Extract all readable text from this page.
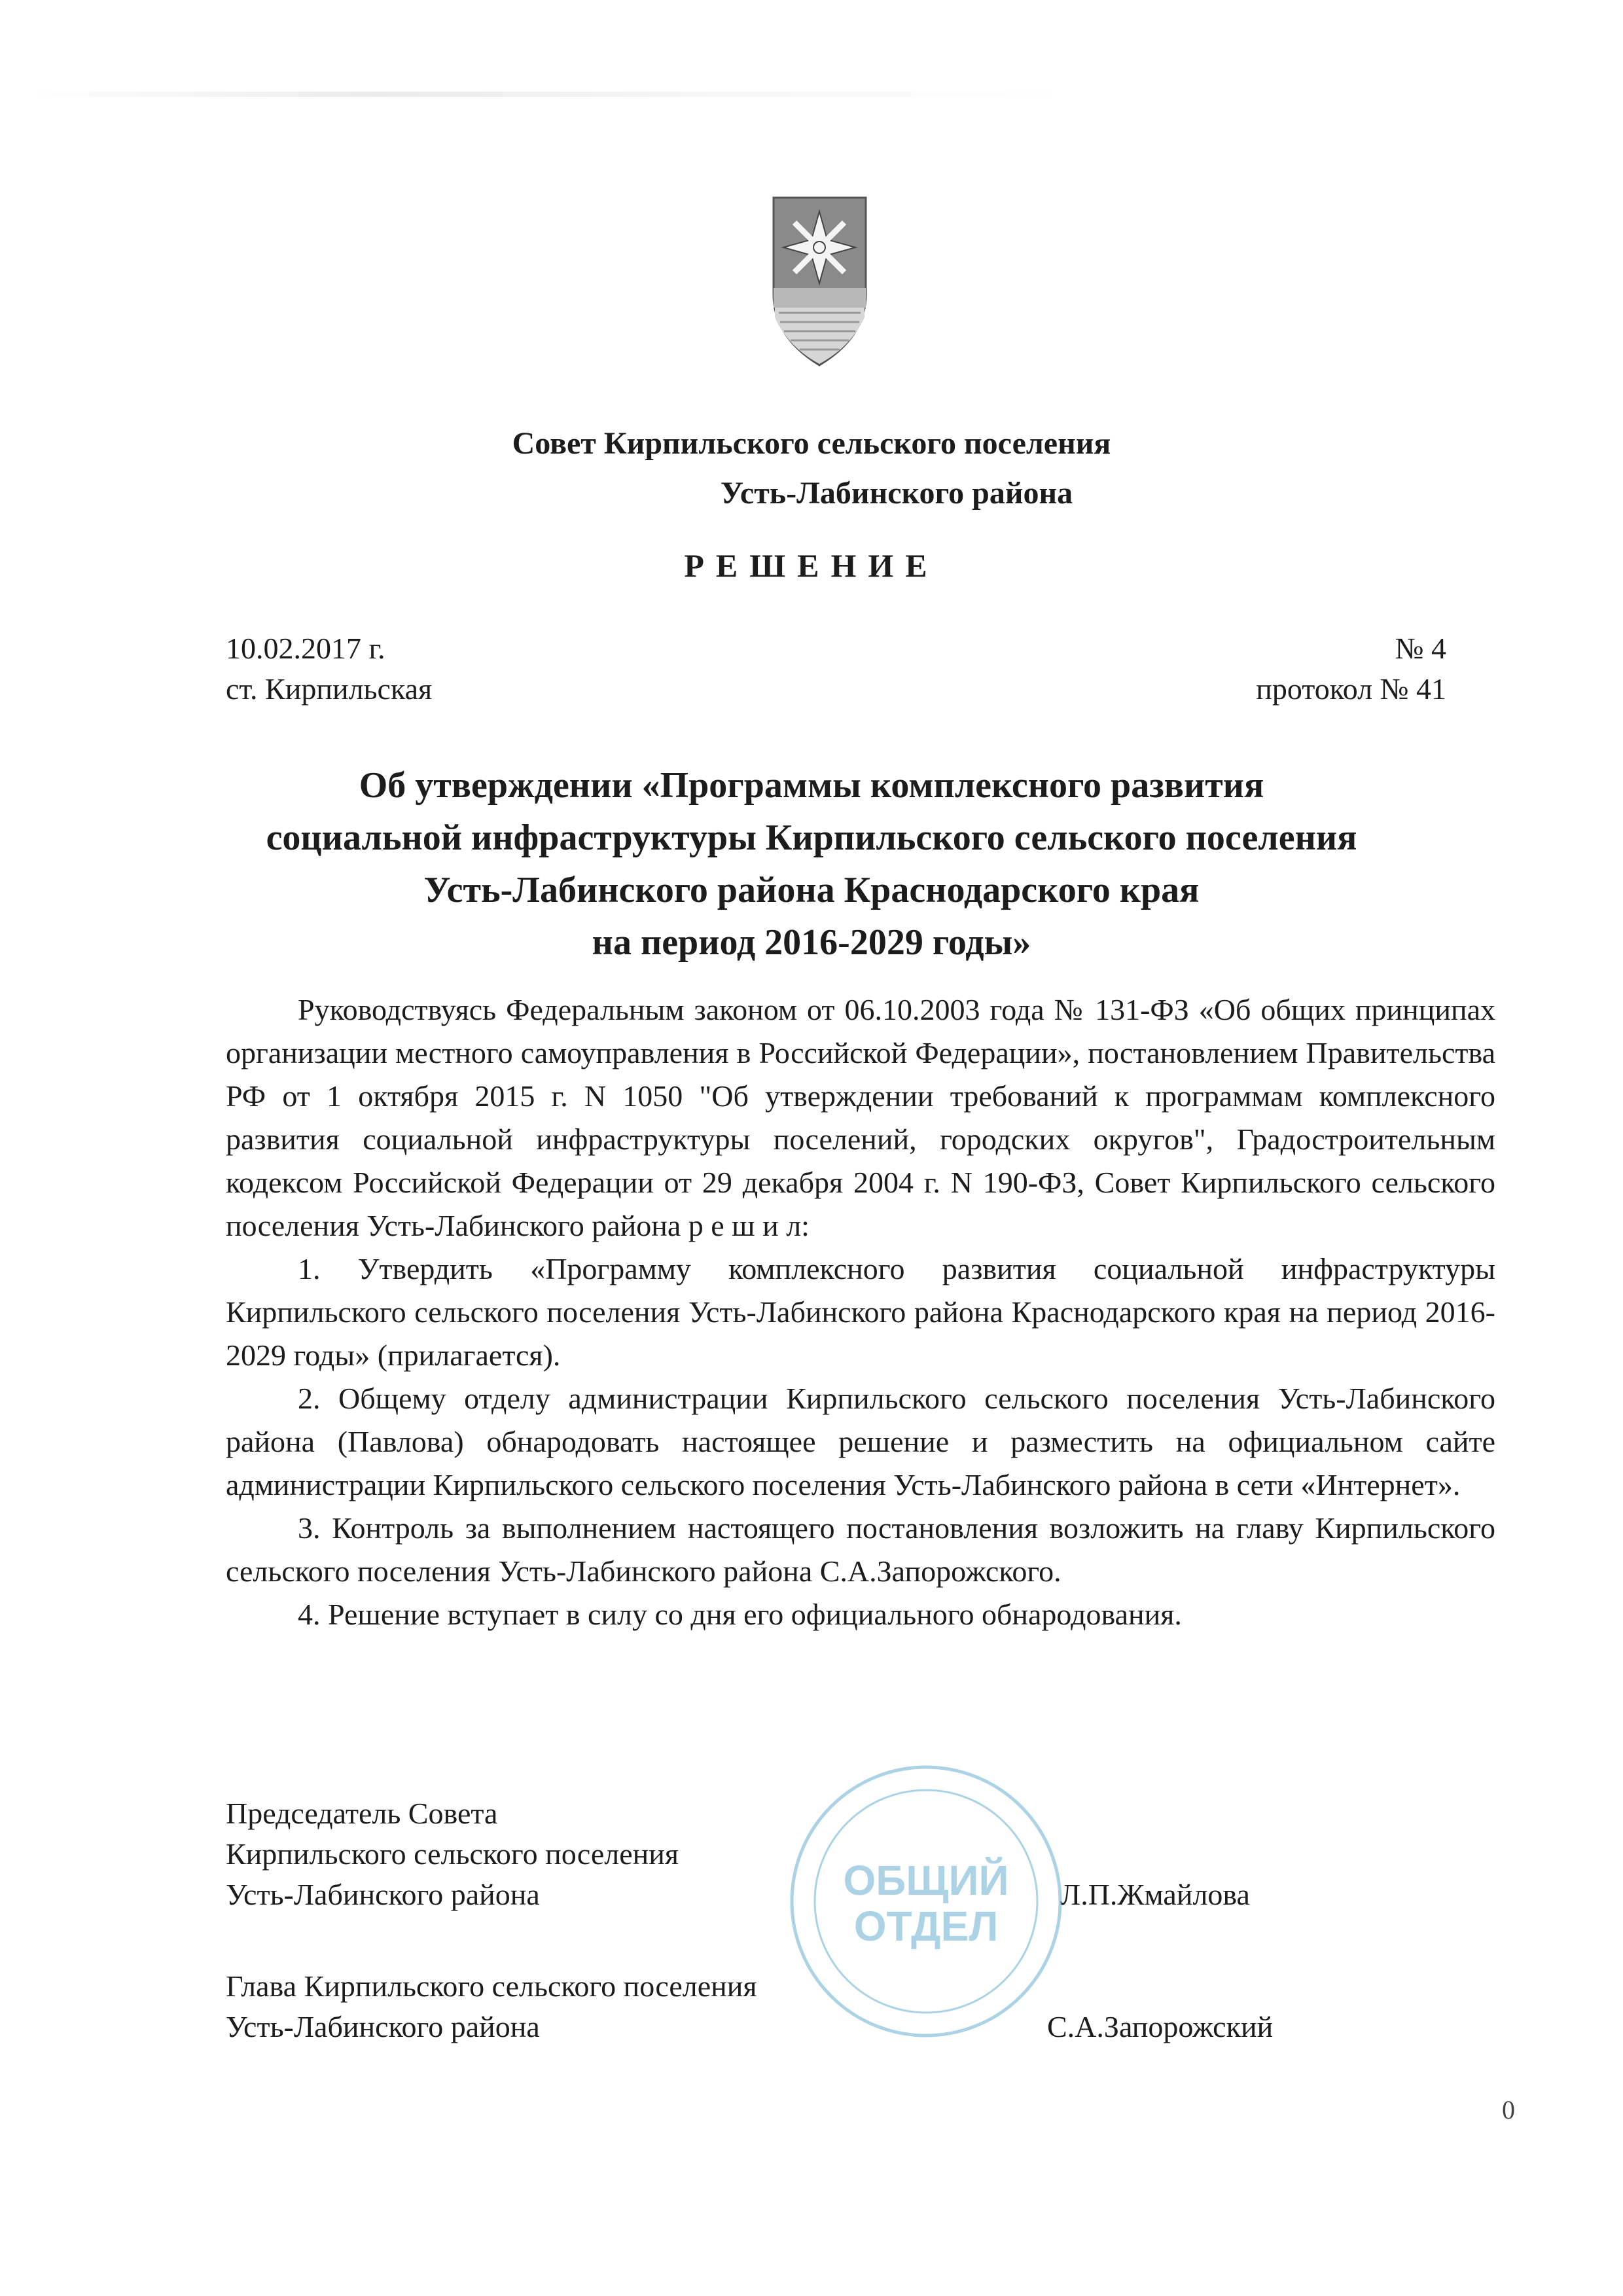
Совет Кирпильского сельского поселения

Усть-Лабинского района
РЕШЕНИЕ
10.02.2017 г.
ст. Кирпильская
№ 4
протокол № 41
Об утверждении «Программы комплексного развития
социальной инфраструктуры Кирпильского сельского поселения
Усть-Лабинского района Краснодарского края
на период 2016-2029 годы»

Руководствуясь Федеральным законом от 06.10.2003 года № 131-ФЗ «Об общих принципах организации местного самоуправления в Российской Федерации», постановлением Правительства РФ от 1 октября 2015 г. N 1050 "Об утверждении требований к программам комплексного развития социальной инфраструктуры поселений, городских округов", Градостроительным кодексом Российской Федерации от 29 декабря 2004 г. N 190-ФЗ, Совет Кирпильского сельского поселения Усть-Лабинского района р е ш и л:

1. Утвердить «Программу комплексного развития социальной инфраструктуры Кирпильского сельского поселения Усть-Лабинского района Краснодарского края на период 2016-2029 годы» (прилагается).

2. Общему отделу администрации Кирпильского сельского поселения Усть-Лабинского района (Павлова) обнародовать настоящее решение и разместить на официальном сайте администрации Кирпильского сельского поселения Усть-Лабинского района в сети «Интернет».

3. Контроль за выполнением настоящего постановления возложить на главу Кирпильского сельского поселения Усть-Лабинского района С.А.Запорожского.

4. Решение вступает в силу со дня его официального обнародования.

Председатель Совета
Кирпильского сельского поселения
Усть-Лабинского района	Л.П.Жмайлова
ОБЩИЙ
ОТДЕЛ
Глава Кирпильского сельского поселения
Усть-Лабинского района	С.А.Запорожский
0
